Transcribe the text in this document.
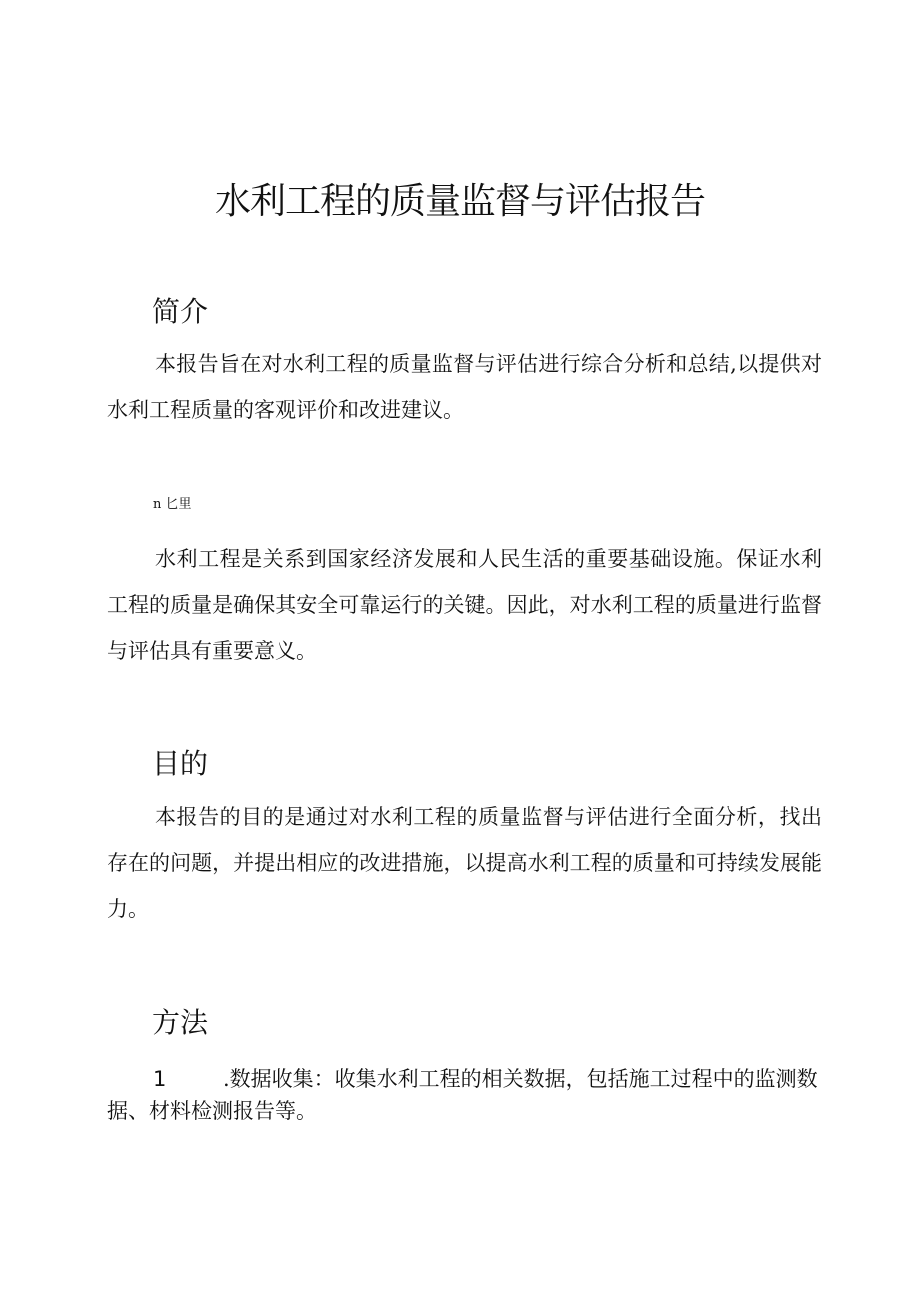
水利工程的质量监督与评估报告
简介

本报告旨在对水利工程的质量监督与评估进行综合分析和总结,以提供对水利工程质量的客观评价和改进建议。

n 匕里

水利工程是关系到国家经济发展和人民生活的重要基础设施。保证水利工程的质量是确保其安全可靠运行的关键。因此，对水利工程的质量进行监督与评估具有重要意义。

目的

本报告的目的是通过对水利工程的质量监督与评估进行全面分析，找出存在的问题，并提出相应的改进措施，以提高水利工程的质量和可持续发展能力。

方法

1	.数据收集：收集水利工程的相关数据，包括施工过程中的监测数据、材料检测报告等。
